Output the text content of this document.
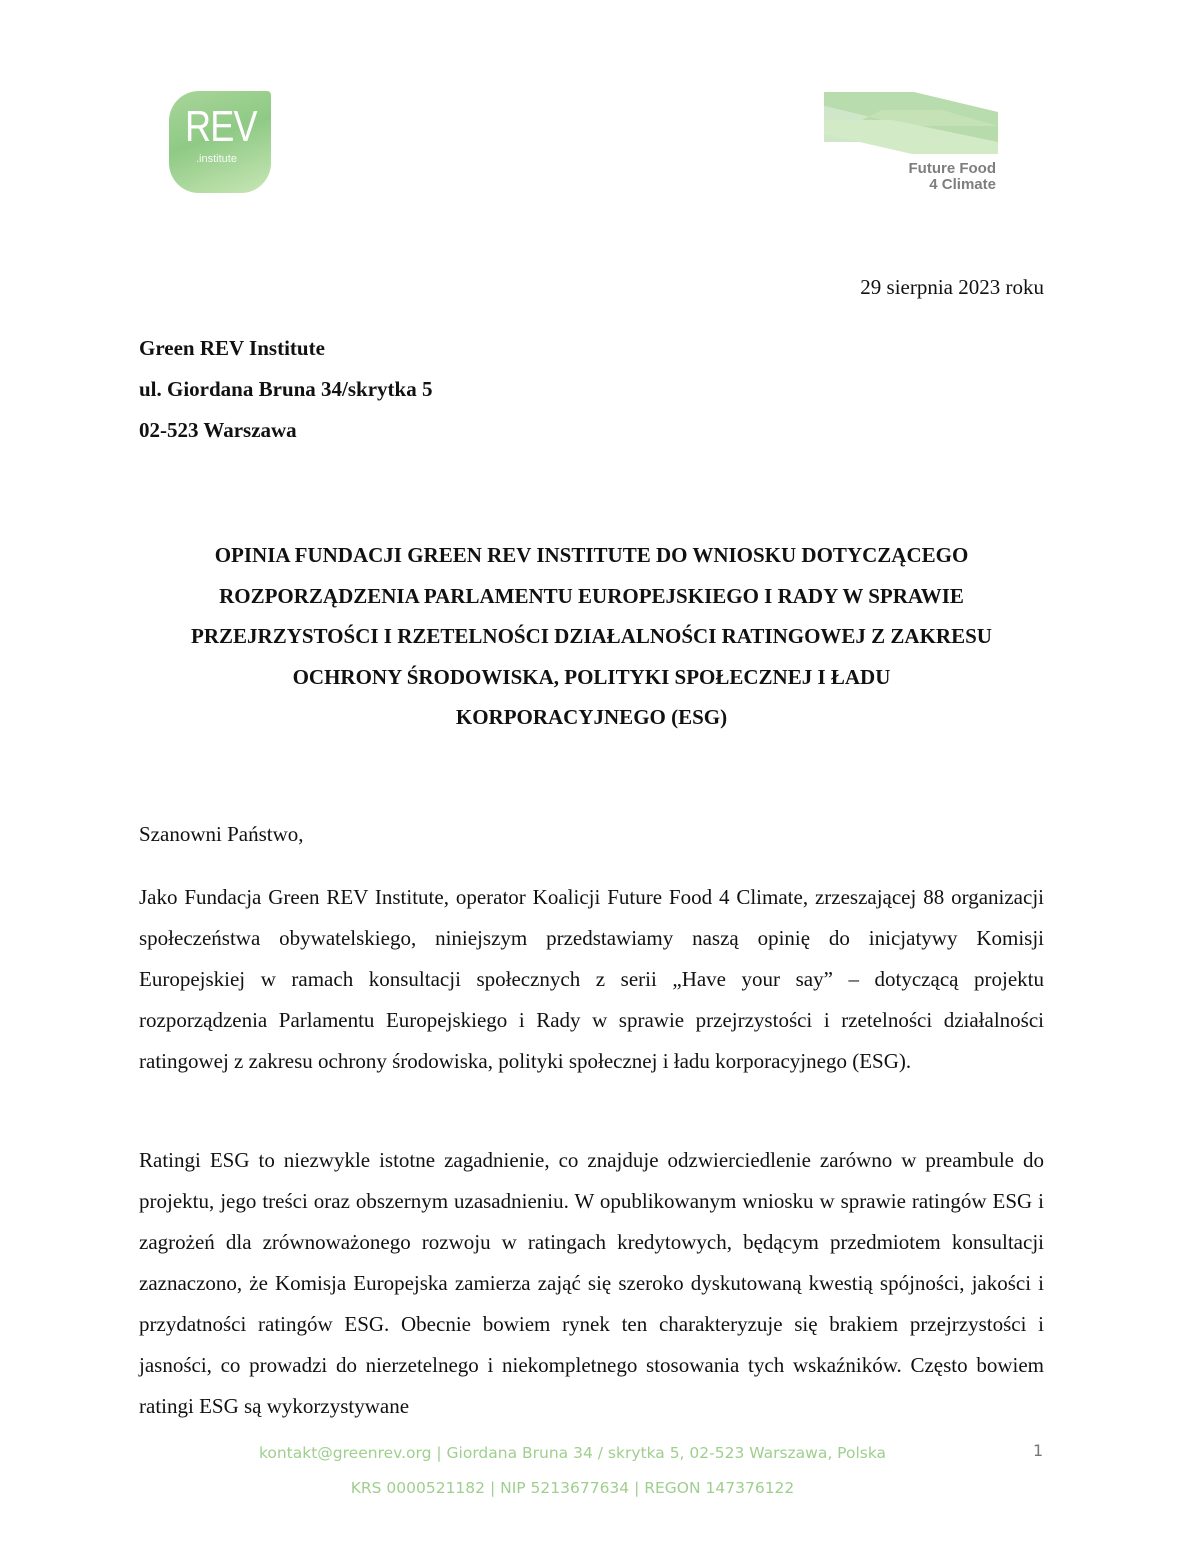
REV
.institute
Future Food
4 Climate
29 sierpnia 2023 roku
Green REV Institute
ul. Giordana Bruna 34/skrytka 5
02-523 Warszawa
OPINIA FUNDACJI GREEN REV INSTITUTE DO WNIOSKU DOTYCZĄCEGO
ROZPORZĄDZENIA PARLAMENTU EUROPEJSKIEGO I RADY W SPRAWIE
PRZEJRZYSTOŚCI I RZETELNOŚCI DZIAŁALNOŚCI RATINGOWEJ Z ZAKRESU
OCHRONY ŚRODOWISKA, POLITYKI SPOŁECZNEJ I ŁADU
KORPORACYJNEGO (ESG)
Szanowni Państwo,

Jako Fundacja Green REV Institute, operator Koalicji Future Food 4 Climate, zrzeszającej 88 organizacji społeczeństwa obywatelskiego, niniejszym przedstawiamy naszą opinię do inicjatywy Komisji Europejskiej w ramach konsultacji społecznych z serii „Have your say” – dotyczącą projektu rozporządzenia Parlamentu Europejskiego i Rady w sprawie przejrzystości i rzetelności działalności ratingowej z zakresu ochrony środowiska, polityki społecznej i ładu korporacyjnego (ESG).

Ratingi ESG to niezwykle istotne zagadnienie, co znajduje odzwierciedlenie zarówno w preambule do projektu, jego treści oraz obszernym uzasadnieniu. W opublikowanym wniosku w sprawie ratingów ESG i zagrożeń dla zrównoważonego rozwoju w ratingach kredytowych, będącym przedmiotem konsultacji zaznaczono, że Komisja Europejska zamierza zająć się szeroko dyskutowaną kwestią spójności, jakości i przydatności ratingów ESG. Obecnie bowiem rynek ten charakteryzuje się brakiem przejrzystości i jasności, co prowadzi do nierzetelnego i niekompletnego stosowania tych wskaźników. Często bowiem ratingi ESG są wykorzystywane

kontakt@greenrev.org | Giordana Bruna 34 / skrytka 5, 02-523 Warszawa, Polska
KRS 0000521182 | NIP 5213677634 | REGON 147376122
1
